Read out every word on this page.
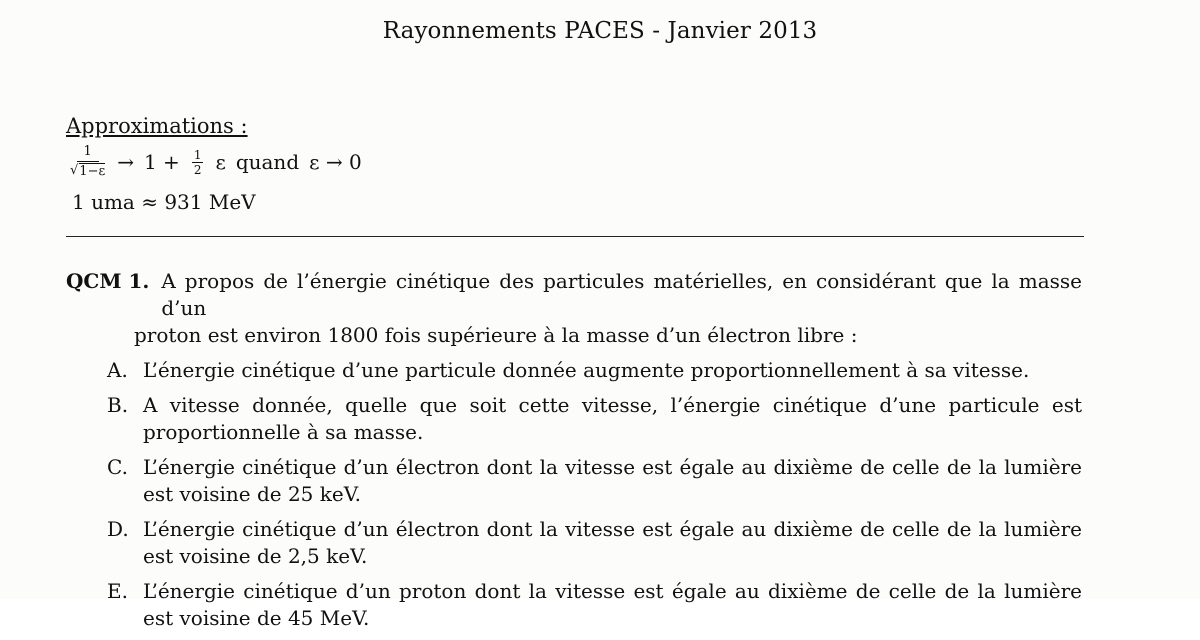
Rayonnements PACES - Janvier 2013
Approximations :
$\frac{1}{√ 1-\varepsilon} \to 1 + \frac{1}{2}$ ε quand ε → 0
1 uma ≈ 931 MeV
QCM 1. A propos de l’énergie cinétique des particules matérielles, en considérant que la masse d’un
proton est environ 1800 fois supérieure à la masse d’un électron libre :
A. L’énergie cinétique d’une particule donnée augmente proportionnellement à sa vitesse.
B. A vitesse donnée, quelle que soit cette vitesse, l’énergie cinétique d’une particule est proportionnelle à sa masse.
C. L’énergie cinétique d’un électron dont la vitesse est égale au dixième de celle de la lumière est voisine de 25 keV.
D. L’énergie cinétique d’un électron dont la vitesse est égale au dixième de celle de la lumière est voisine de 2,5 keV.
E. L’énergie cinétique d’un proton dont la vitesse est égale au dixième de celle de la lumière est voisine de 45 MeV.
